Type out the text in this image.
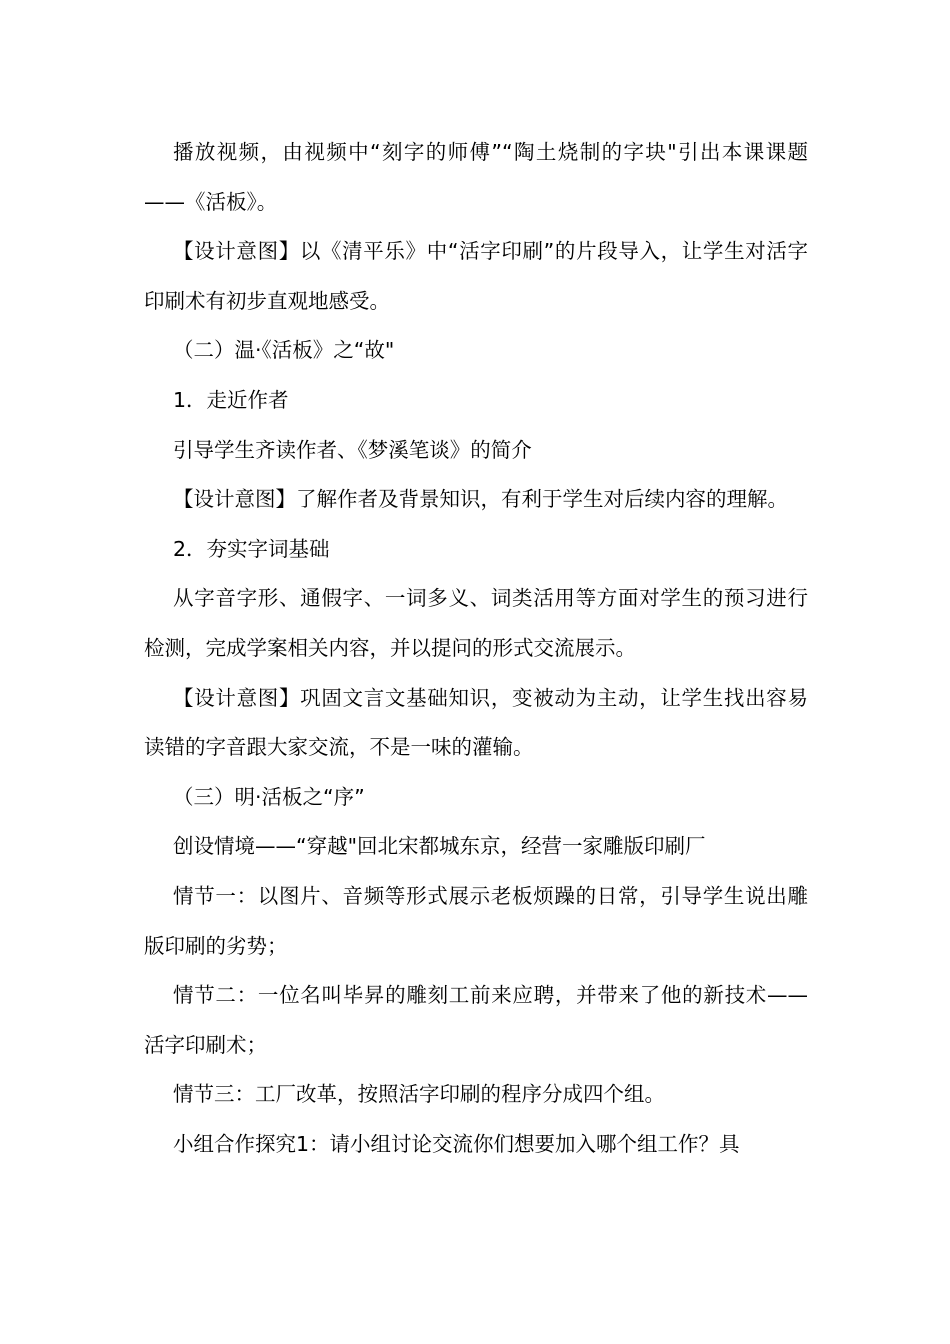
播放视频，由视频中“刻字的师傅”“陶土烧制的字块"引出本课课题——《活板》。

【设计意图】以《清平乐》中“活字印刷”的片段导入，让学生对活字印刷术有初步直观地感受。

（二）温·《活板》之“故"

1．走近作者

引导学生齐读作者、《梦溪笔谈》的简介

【设计意图】了解作者及背景知识，有利于学生对后续内容的理解。

2．夯实字词基础

从字音字形、通假字、一词多义、词类活用等方面对学生的预习进行检测，完成学案相关内容，并以提问的形式交流展示。

【设计意图】巩固文言文基础知识，变被动为主动，让学生找出容易读错的字音跟大家交流，不是一味的灌输。

（三）明·活板之“序”

创设情境——“穿越"回北宋都城东京，经营一家雕版印刷厂

情节一：以图片、音频等形式展示老板烦躁的日常，引导学生说出雕版印刷的劣势；

情节二：一位名叫毕昇的雕刻工前来应聘，并带来了他的新技术——活字印刷术；

情节三：工厂改革，按照活字印刷的程序分成四个组。

小组合作探究1：请小组讨论交流你们想要加入哪个组工作？具
